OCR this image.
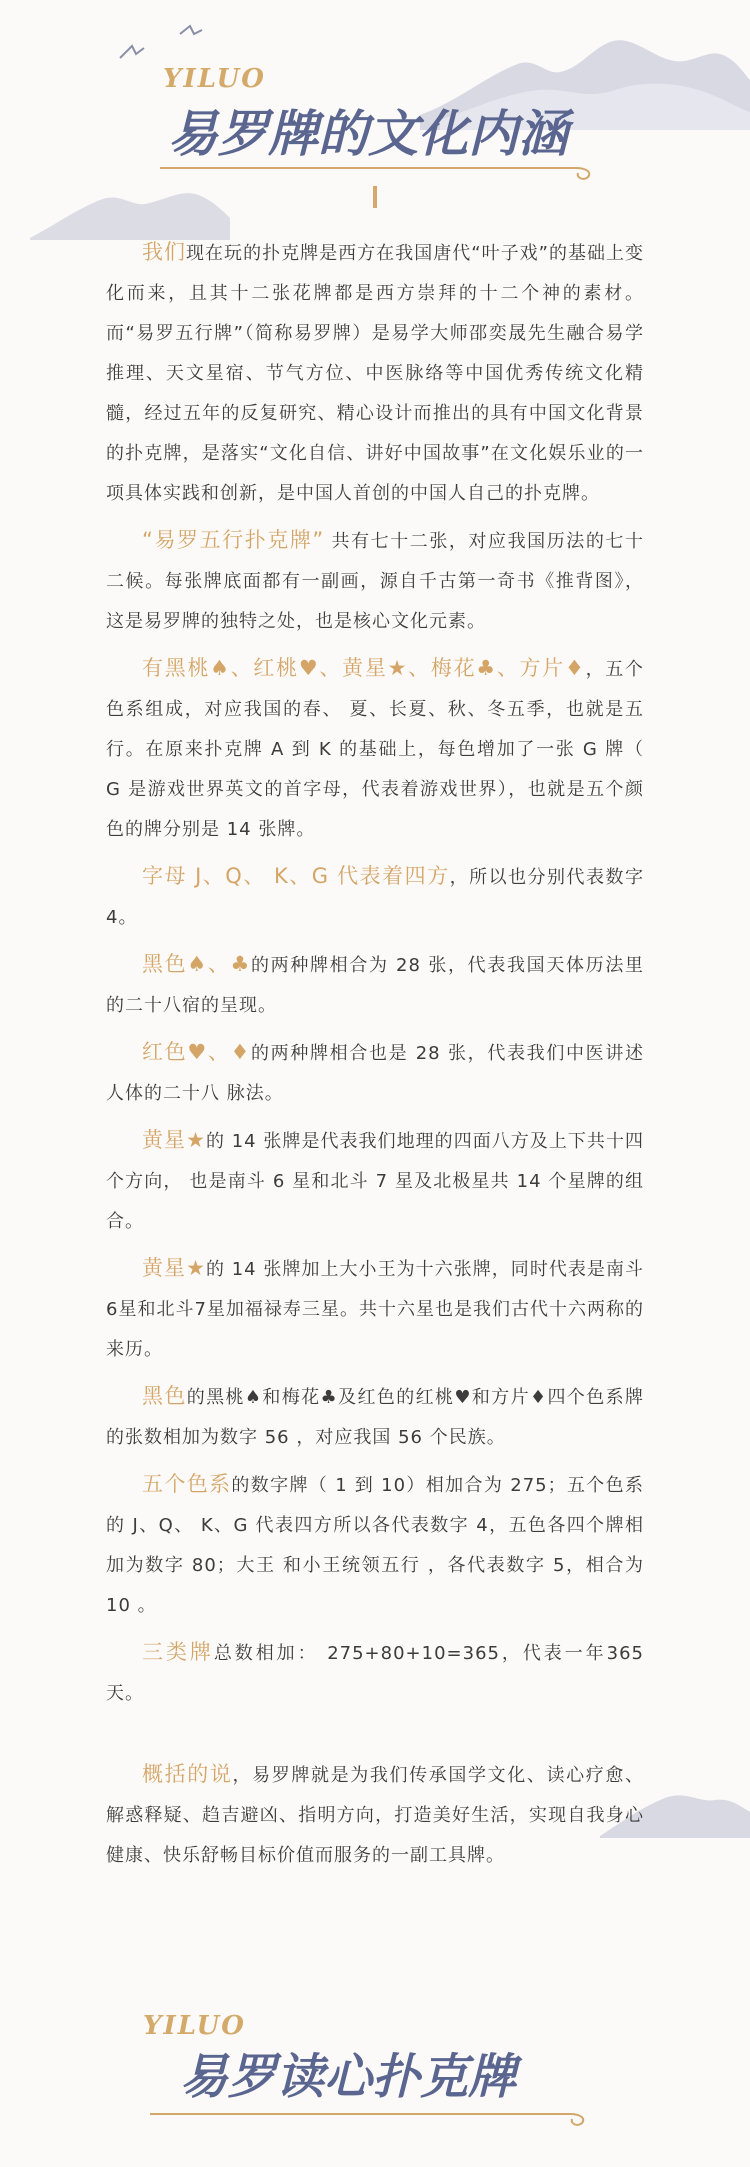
YILUO
易罗牌的文化内涵

我们现在玩的扑克牌是西方在我国唐代“叶子戏”的基础上变化而来，且其十二张花牌都是西方崇拜的十二个神的素材。而“易罗五行牌”（简称易罗牌）是易学大师邵奕晟先生融合易学推理、天文星宿、节气方位、中医脉络等中国优秀传统文化精髓，经过五年的反复研究、精心设计而推出的具有中国文化背景的扑克牌，是落实“文化自信、讲好中国故事”在文化娱乐业的一项具体实践和创新，是中国人首创的中国人自己的扑克牌。

“易罗五行扑克牌” 共有七十二张，对应我国历法的七十二候。每张牌底面都有一副画，源自千古第一奇书《推背图》，这是易罗牌的独特之处，也是核心文化元素。

有黑桃♠、红桃♥、黄星★、梅花♣、方片♦，五个色系组成，对应我国的春、 夏、长夏、秋、冬五季，也就是五行。在原来扑克牌 A 到 K 的基础上，每色增加了一张 G 牌（ G 是游戏世界英文的首字母，代表着游戏世界），也就是五个颜色的牌分别是 14 张牌。

字母 J、Q、 K、G 代表着四方，所以也分别代表数字 4。

黑色♠、♣的两种牌相合为 28 张，代表我国天体历法里的二十八宿的呈现。

红色♥、♦的两种牌相合也是 28 张，代表我们中医讲述人体的二十八 脉法。

黄星★的 14 张牌是代表我们地理的四面八方及上下共十四个方向， 也是南斗 6 星和北斗 7 星及北极星共 14 个星牌的组合。

黄星★的 14 张牌加上大小王为十六张牌，同时代表是南斗6星和北斗7星加福禄寿三星。共十六星也是我们古代十六两称的来历。

黑色的黑桃♠和梅花♣及红色的红桃♥和方片♦四个色系牌的张数相加为数字 56 ，对应我国 56 个民族。

五个色系的数字牌（ 1 到 10）相加合为 275；五个色系的 J、Q、 K、G 代表四方所以各代表数字 4，五色各四个牌相加为数字 80；大王 和小王统领五行 ，各代表数字 5，相合为 10 。

三类牌总数相加： 275+80+10=365，代表一年365 天。

概括的说，易罗牌就是为我们传承国学文化、读心疗愈、解惑释疑、趋吉避凶、指明方向，打造美好生活，实现自我身心健康、快乐舒畅目标价值而服务的一副工具牌。

YILUO
易罗读心扑克牌
